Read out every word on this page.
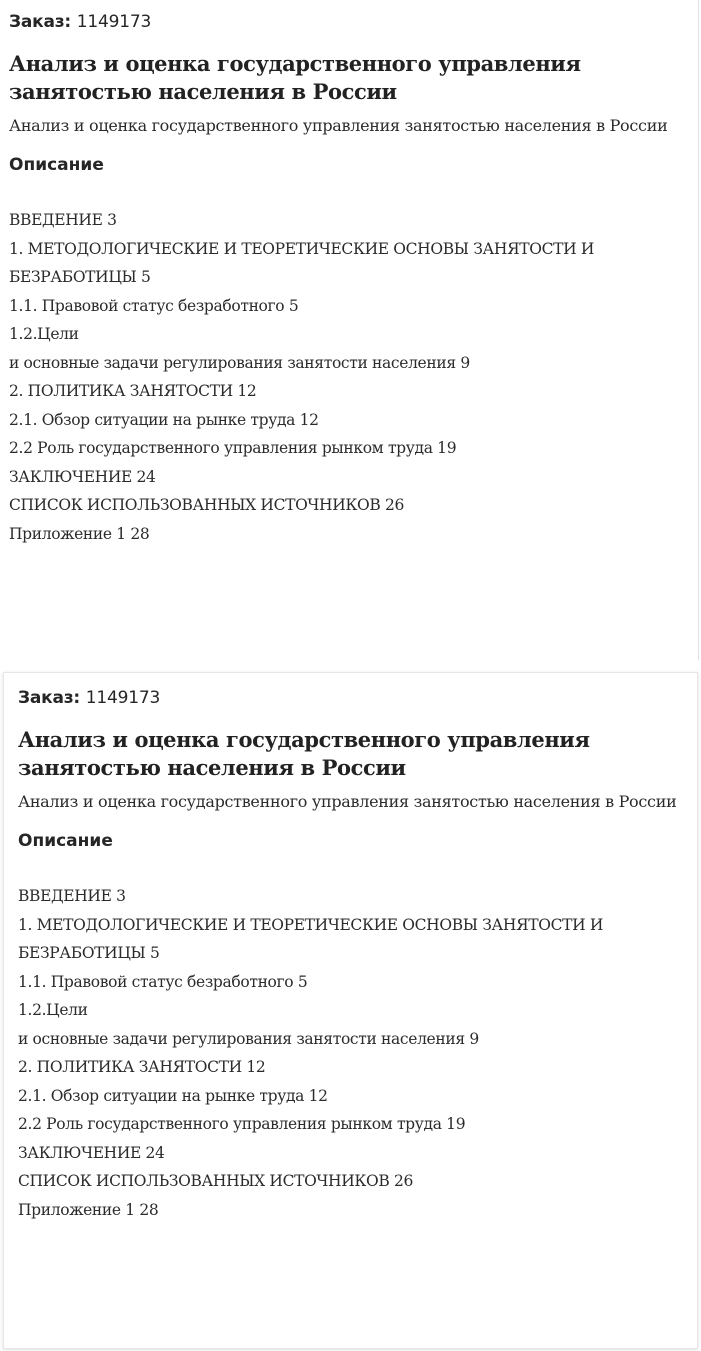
Заказ: 1149173
Анализ и оценка государственного управления занятостью населения в России
Анализ и оценка государственного управления занятостью населения в России
Описание
ВВЕДЕНИЕ 3
1. МЕТОДОЛОГИЧЕСКИЕ И ТЕОРЕТИЧЕСКИЕ ОСНОВЫ ЗАНЯТОСТИ И БЕЗРАБОТИЦЫ 5
1.1. Правовой статус безработного 5
1.2.Цели
и основные задачи регулирования занятости населения 9
2. ПОЛИТИКА ЗАНЯТОСТИ 12
2.1. Обзор ситуации на рынке труда 12
2.2 Роль государственного управления рынком труда 19
ЗАКЛЮЧЕНИЕ 24
СПИСОК ИСПОЛЬЗОВАННЫХ ИСТОЧНИКОВ 26
Приложение 1 28
Заказ: 1149173
Анализ и оценка государственного управления занятостью населения в России
Анализ и оценка государственного управления занятостью населения в России
Описание
ВВЕДЕНИЕ 3
1. МЕТОДОЛОГИЧЕСКИЕ И ТЕОРЕТИЧЕСКИЕ ОСНОВЫ ЗАНЯТОСТИ И БЕЗРАБОТИЦЫ 5
1.1. Правовой статус безработного 5
1.2.Цели
и основные задачи регулирования занятости населения 9
2. ПОЛИТИКА ЗАНЯТОСТИ 12
2.1. Обзор ситуации на рынке труда 12
2.2 Роль государственного управления рынком труда 19
ЗАКЛЮЧЕНИЕ 24
СПИСОК ИСПОЛЬЗОВАННЫХ ИСТОЧНИКОВ 26
Приложение 1 28
